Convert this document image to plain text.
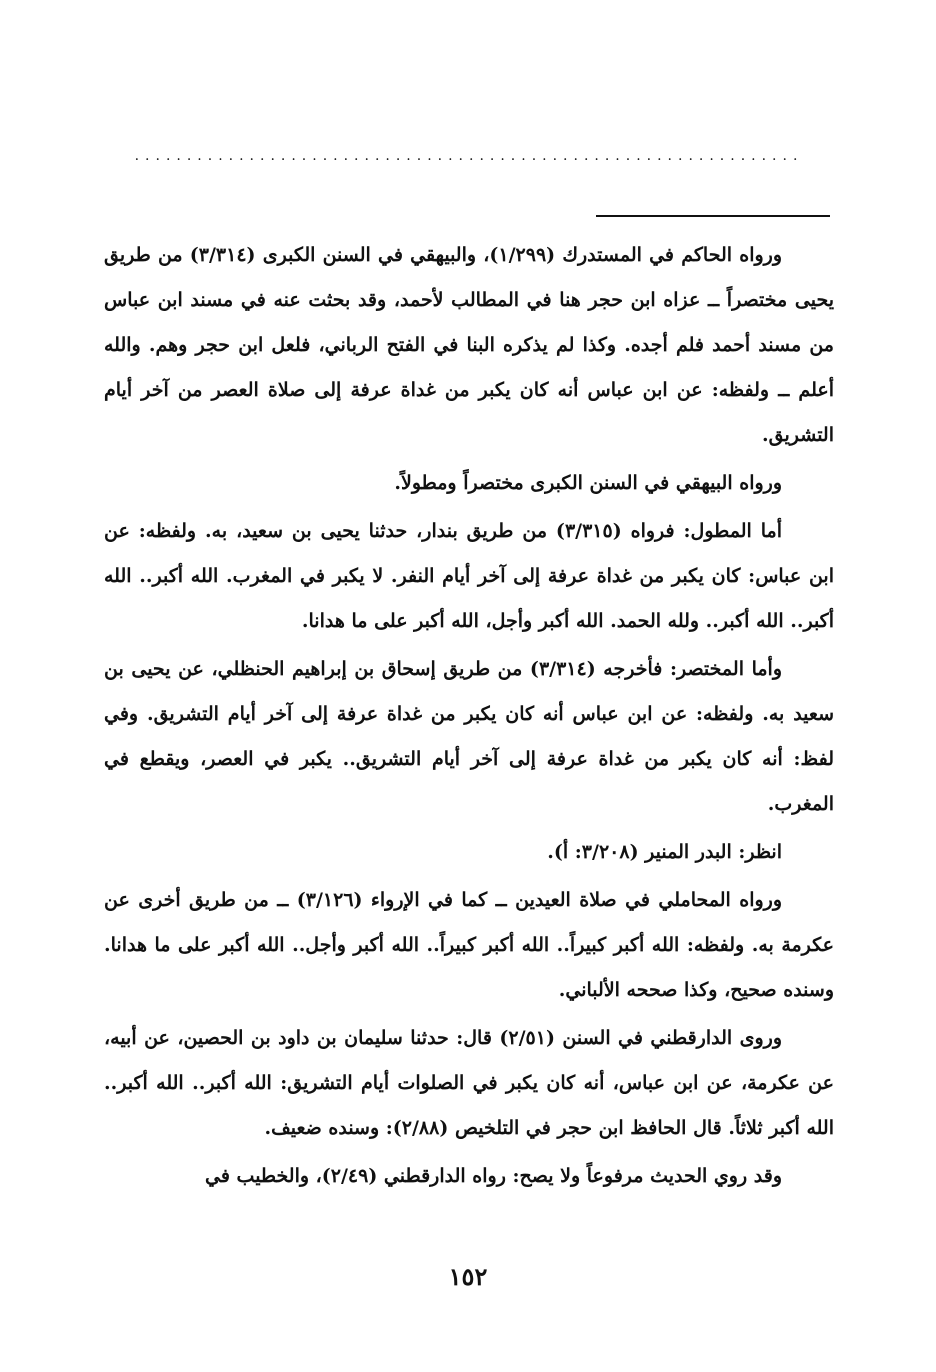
................................................................

ورواه الحاكم في المستدرك (١/٢٩٩)، والبيهقي في السنن الكبرى (٣/٣١٤) من طريق يحيى مختصراً ــ عزاه ابن حجر هنا في المطالب لأحمد، وقد بحثت عنه في مسند ابن عباس من مسند أحمد فلم أجده. وكذا لم يذكره البنا في الفتح الرباني، فلعل ابن حجر وهم. والله أعلم ــ ولفظه: عن ابن عباس أنه كان يكبر من غداة عرفة إلى صلاة العصر من آخر أيام التشريق.

ورواه البيهقي في السنن الكبرى مختصراً ومطولاً.

أما المطول: فرواه (٣/٣١٥) من طريق بندار، حدثنا يحيى بن سعيد، به. ولفظه: عن ابن عباس: كان يكبر من غداة عرفة إلى آخر أيام النفر. لا يكبر في المغرب. الله أكبر.. الله أكبر.. الله أكبر.. ولله الحمد. الله أكبر وأجل، الله أكبر على ما هدانا.

وأما المختصر: فأخرجه (٣/٣١٤) من طريق إسحاق بن إبراهيم الحنظلي، عن يحيى بن سعيد به. ولفظه: عن ابن عباس أنه كان يكبر من غداة عرفة إلى آخر أيام التشريق. وفي لفظ: أنه كان يكبر من غداة عرفة إلى آخر أيام التشريق.. يكبر في العصر، ويقطع في المغرب.

انظر: البدر المنير (٣/٢٠٨: أ).

ورواه المحاملي في صلاة العيدين ــ كما في الإرواء (٣/١٢٦) ــ من طريق أخرى عن عكرمة به. ولفظه: الله أكبر كبيراً.. الله أكبر كبيراً.. الله أكبر وأجل.. الله أكبر على ما هدانا. وسنده صحيح، وكذا صححه الألباني.

وروى الدارقطني في السنن (٢/٥١) قال: حدثنا سليمان بن داود بن الحصين، عن أبيه، عن عكرمة، عن ابن عباس، أنه كان يكبر في الصلوات أيام التشريق: الله أكبر.. الله أكبر.. الله أكبر ثلاثاً. قال الحافظ ابن حجر في التلخيص (٢/٨٨): وسنده ضعيف.

وقد روي الحديث مرفوعاً ولا يصح: رواه الدارقطني (٢/٤٩)، والخطيب في

١٥٢
